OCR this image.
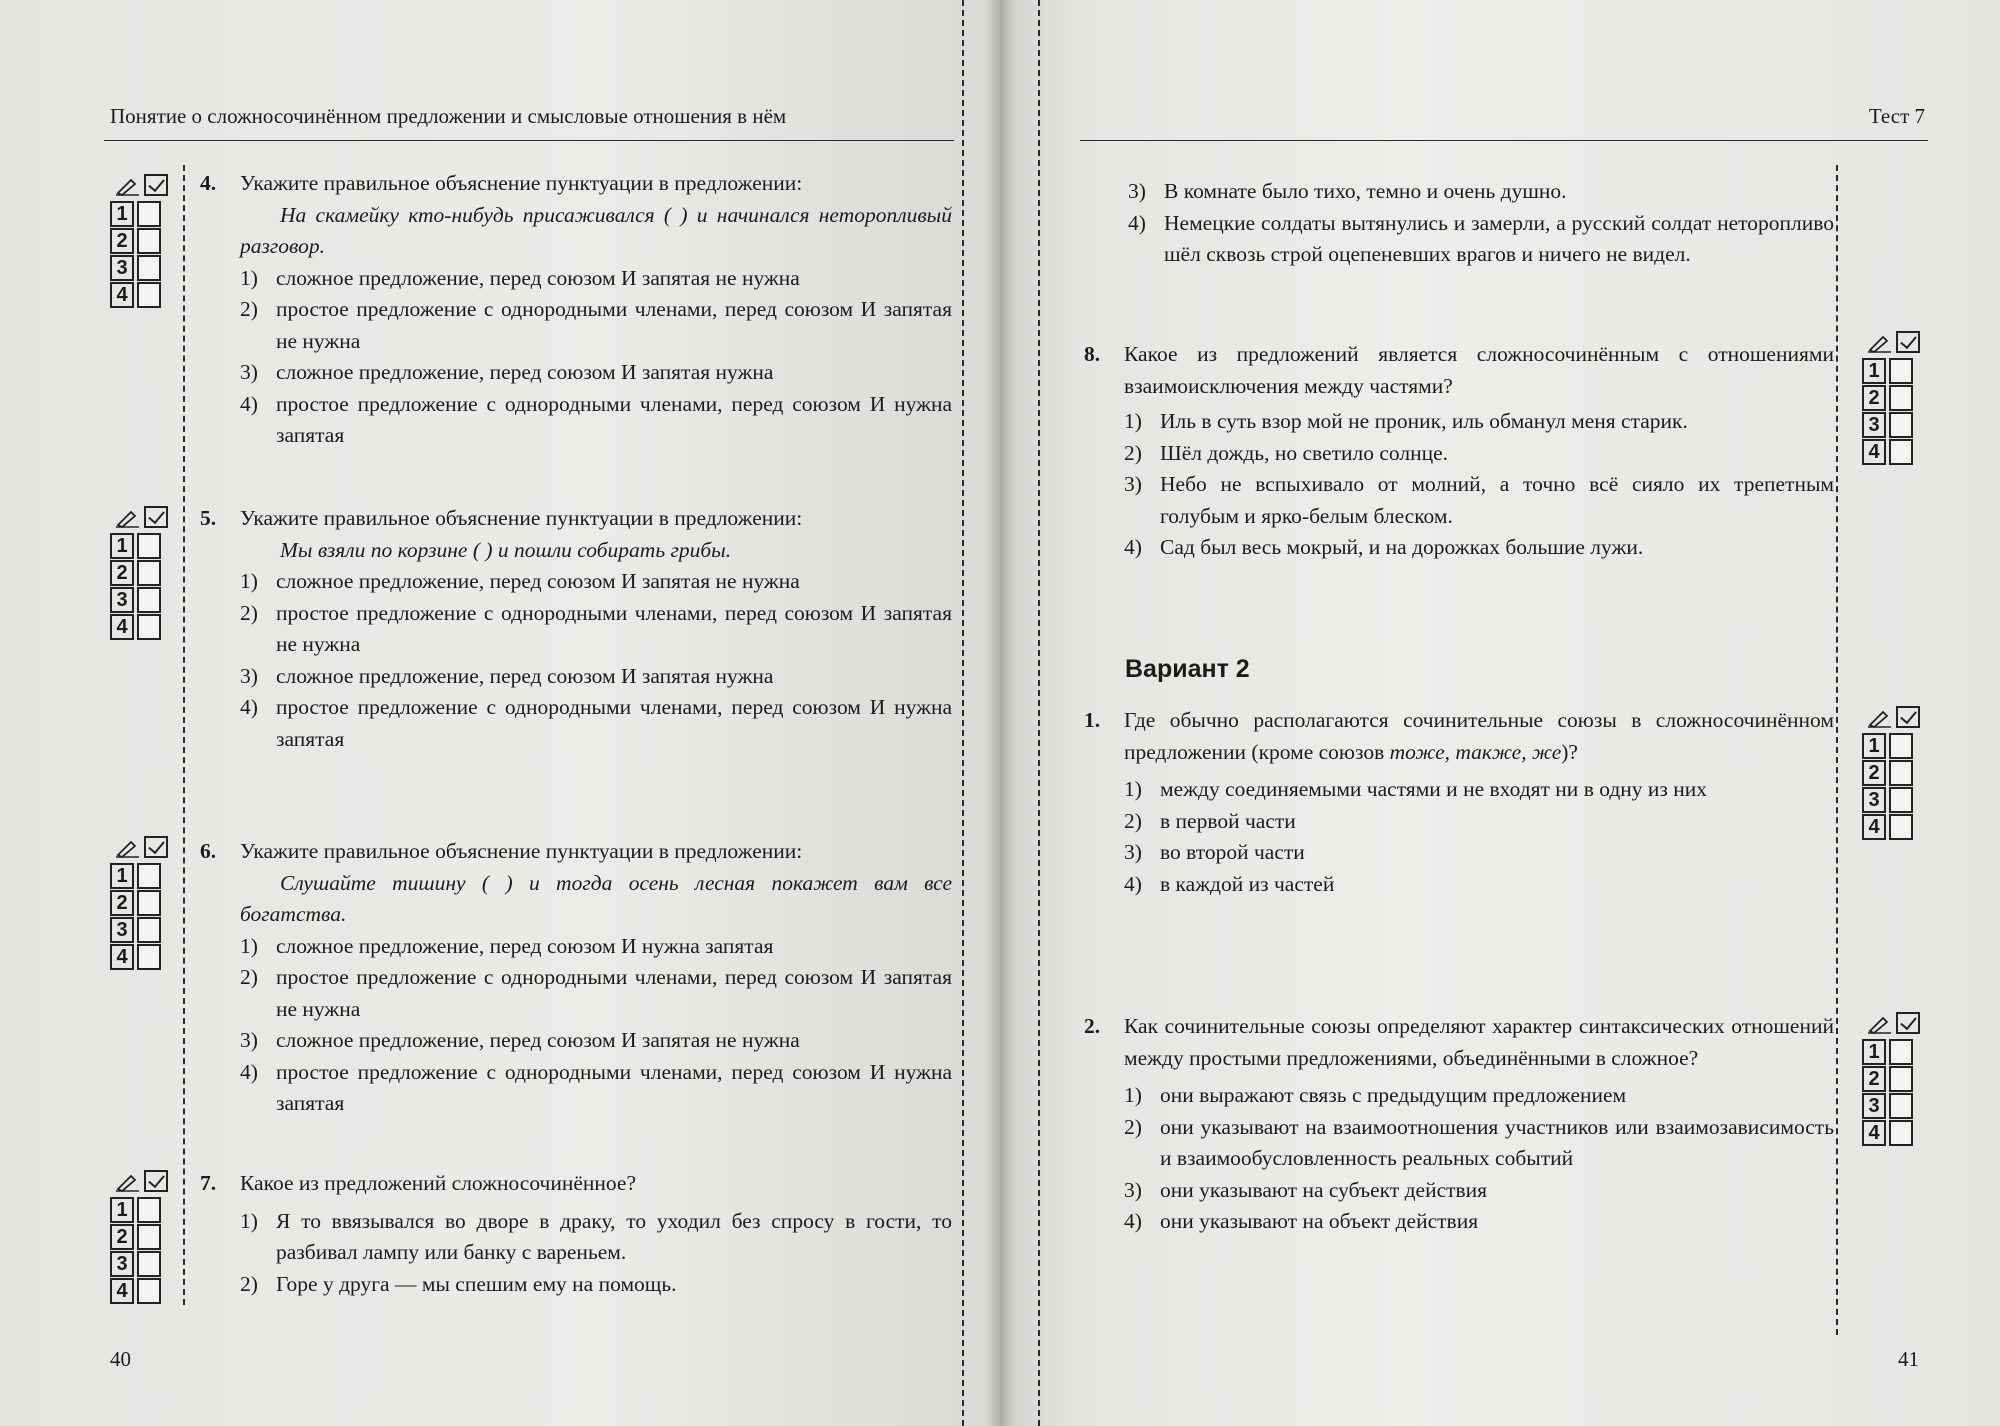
Понятие о сложносочинённом предложении и смысловые отношения в нём
1
2
3
4
1
2
3
4
1
2
3
4
1
2
3
4
4.	Укажите правильное объяснение пунктуации в предложении:
На скамейку кто-нибудь присаживался ( ) и начинался неторопливый разговор.
1) сложное предложение, перед союзом И запятая не нужна
2) простое предложение с однородными членами, перед союзом И запятая не нужна
3) сложное предложение, перед союзом И запятая нужна
4) простое предложение с однородными членами, перед союзом И нужна запятая
5.	Укажите правильное объяснение пунктуации в предложении:
Мы взяли по корзине ( ) и пошли собирать грибы.
1) сложное предложение, перед союзом И запятая не нужна
2) простое предложение с однородными членами, перед союзом И запятая не нужна
3) сложное предложение, перед союзом И запятая нужна
4) простое предложение с однородными членами, перед союзом И нужна запятая
6.	Укажите правильное объяснение пунктуации в предложении:
Слушайте тишину ( ) и тогда осень лесная покажет вам все богатства.
1) сложное предложение, перед союзом И нужна запятая
2) простое предложение с однородными членами, перед союзом И запятая не нужна
3) сложное предложение, перед союзом И запятая не нужна
4) простое предложение с однородными членами, перед союзом И нужна запятая
7.	Какое из предложений сложносочинённое?
1) Я то ввязывался во дворе в драку, то уходил без спросу в гости, то разбивал лампу или банку с вареньем.
2) Горе у друга — мы спешим ему на помощь.
40
Тест 7
3) В комнате было тихо, темно и очень душно.
4) Немецкие солдаты вытянулись и замерли, а русский солдат неторопливо шёл сквозь строй оцепеневших врагов и ничего не видел.
8.	Какое из предложений является сложносочинённым с отношениями взаимоисключения между частями?
1) Иль в суть взор мой не проник, иль обманул меня старик.
2) Шёл дождь, но светило солнце.
3) Небо не вспыхивало от молний, а точно всё сияло их трепетным голубым и ярко-белым блеском.
4) Сад был весь мокрый, и на дорожках большие лужи.
Вариант 2
1.	Где обычно располагаются сочинительные союзы в сложносочинённом предложении (кроме союзов тоже, также, же)?
1) между соединяемыми частями и не входят ни в одну из них
2) в первой части
3) во второй части
4) в каждой из частей
2.	Как сочинительные союзы определяют характер синтаксических отношений между простыми предложениями, объединёнными в сложное?
1) они выражают связь с предыдущим предложением
2) они указывают на взаимоотношения участников или взаимозависимость и взаимообусловленность реальных событий
3) они указывают на субъект действия
4) они указывают на объект действия
1
2
3
4
1
2
3
4
1
2
3
4
41
